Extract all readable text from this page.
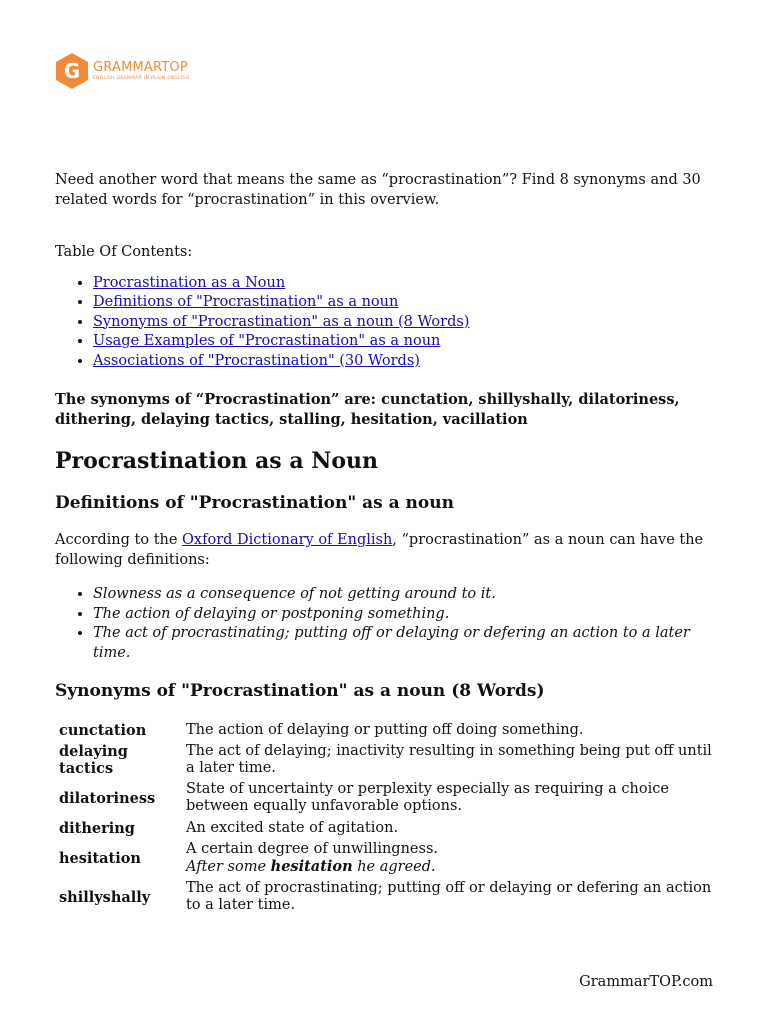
G GRAMMARTOP
ENGLISH GRAMMAR IN PLAIN ENGLISH

Need another word that means the same as “procrastination”? Find 8 synonyms and 30 related words for “procrastination” in this overview.

Table Of Contents:

• Procrastination as a Noun
• Definitions of "Procrastination" as a noun
• Synonyms of "Procrastination" as a noun (8 Words)
• Usage Examples of "Procrastination" as a noun
• Associations of "Procrastination" (30 Words)

The synonyms of “Procrastination” are: cunctation, shillyshally, dilatoriness, dithering, delaying tactics, stalling, hesitation, vacillation

Procrastination as a Noun
Definitions of "Procrastination" as a noun

According to the Oxford Dictionary of English, “procrastination” as a noun can have the following definitions:

• Slowness as a consequence of not getting around to it.
• The action of delaying or postponing something.
• The act of procrastinating; putting off or delaying or defering an action to a later time.
Synonyms of "Procrastination" as a noun (8 Words)
cunctation	The action of delaying or putting off doing something.
delaying tactics	The act of delaying; inactivity resulting in something being put off until a later time.
dilatoriness	State of uncertainty or perplexity especially as requiring a choice between equally unfavorable options.
dithering	An excited state of agitation.
hesitation	A certain degree of unwillingness.
After some hesitation he agreed.

shillyshally	The act of procrastinating; putting off or delaying or defering an action to a later time.
GrammarTOP.com
